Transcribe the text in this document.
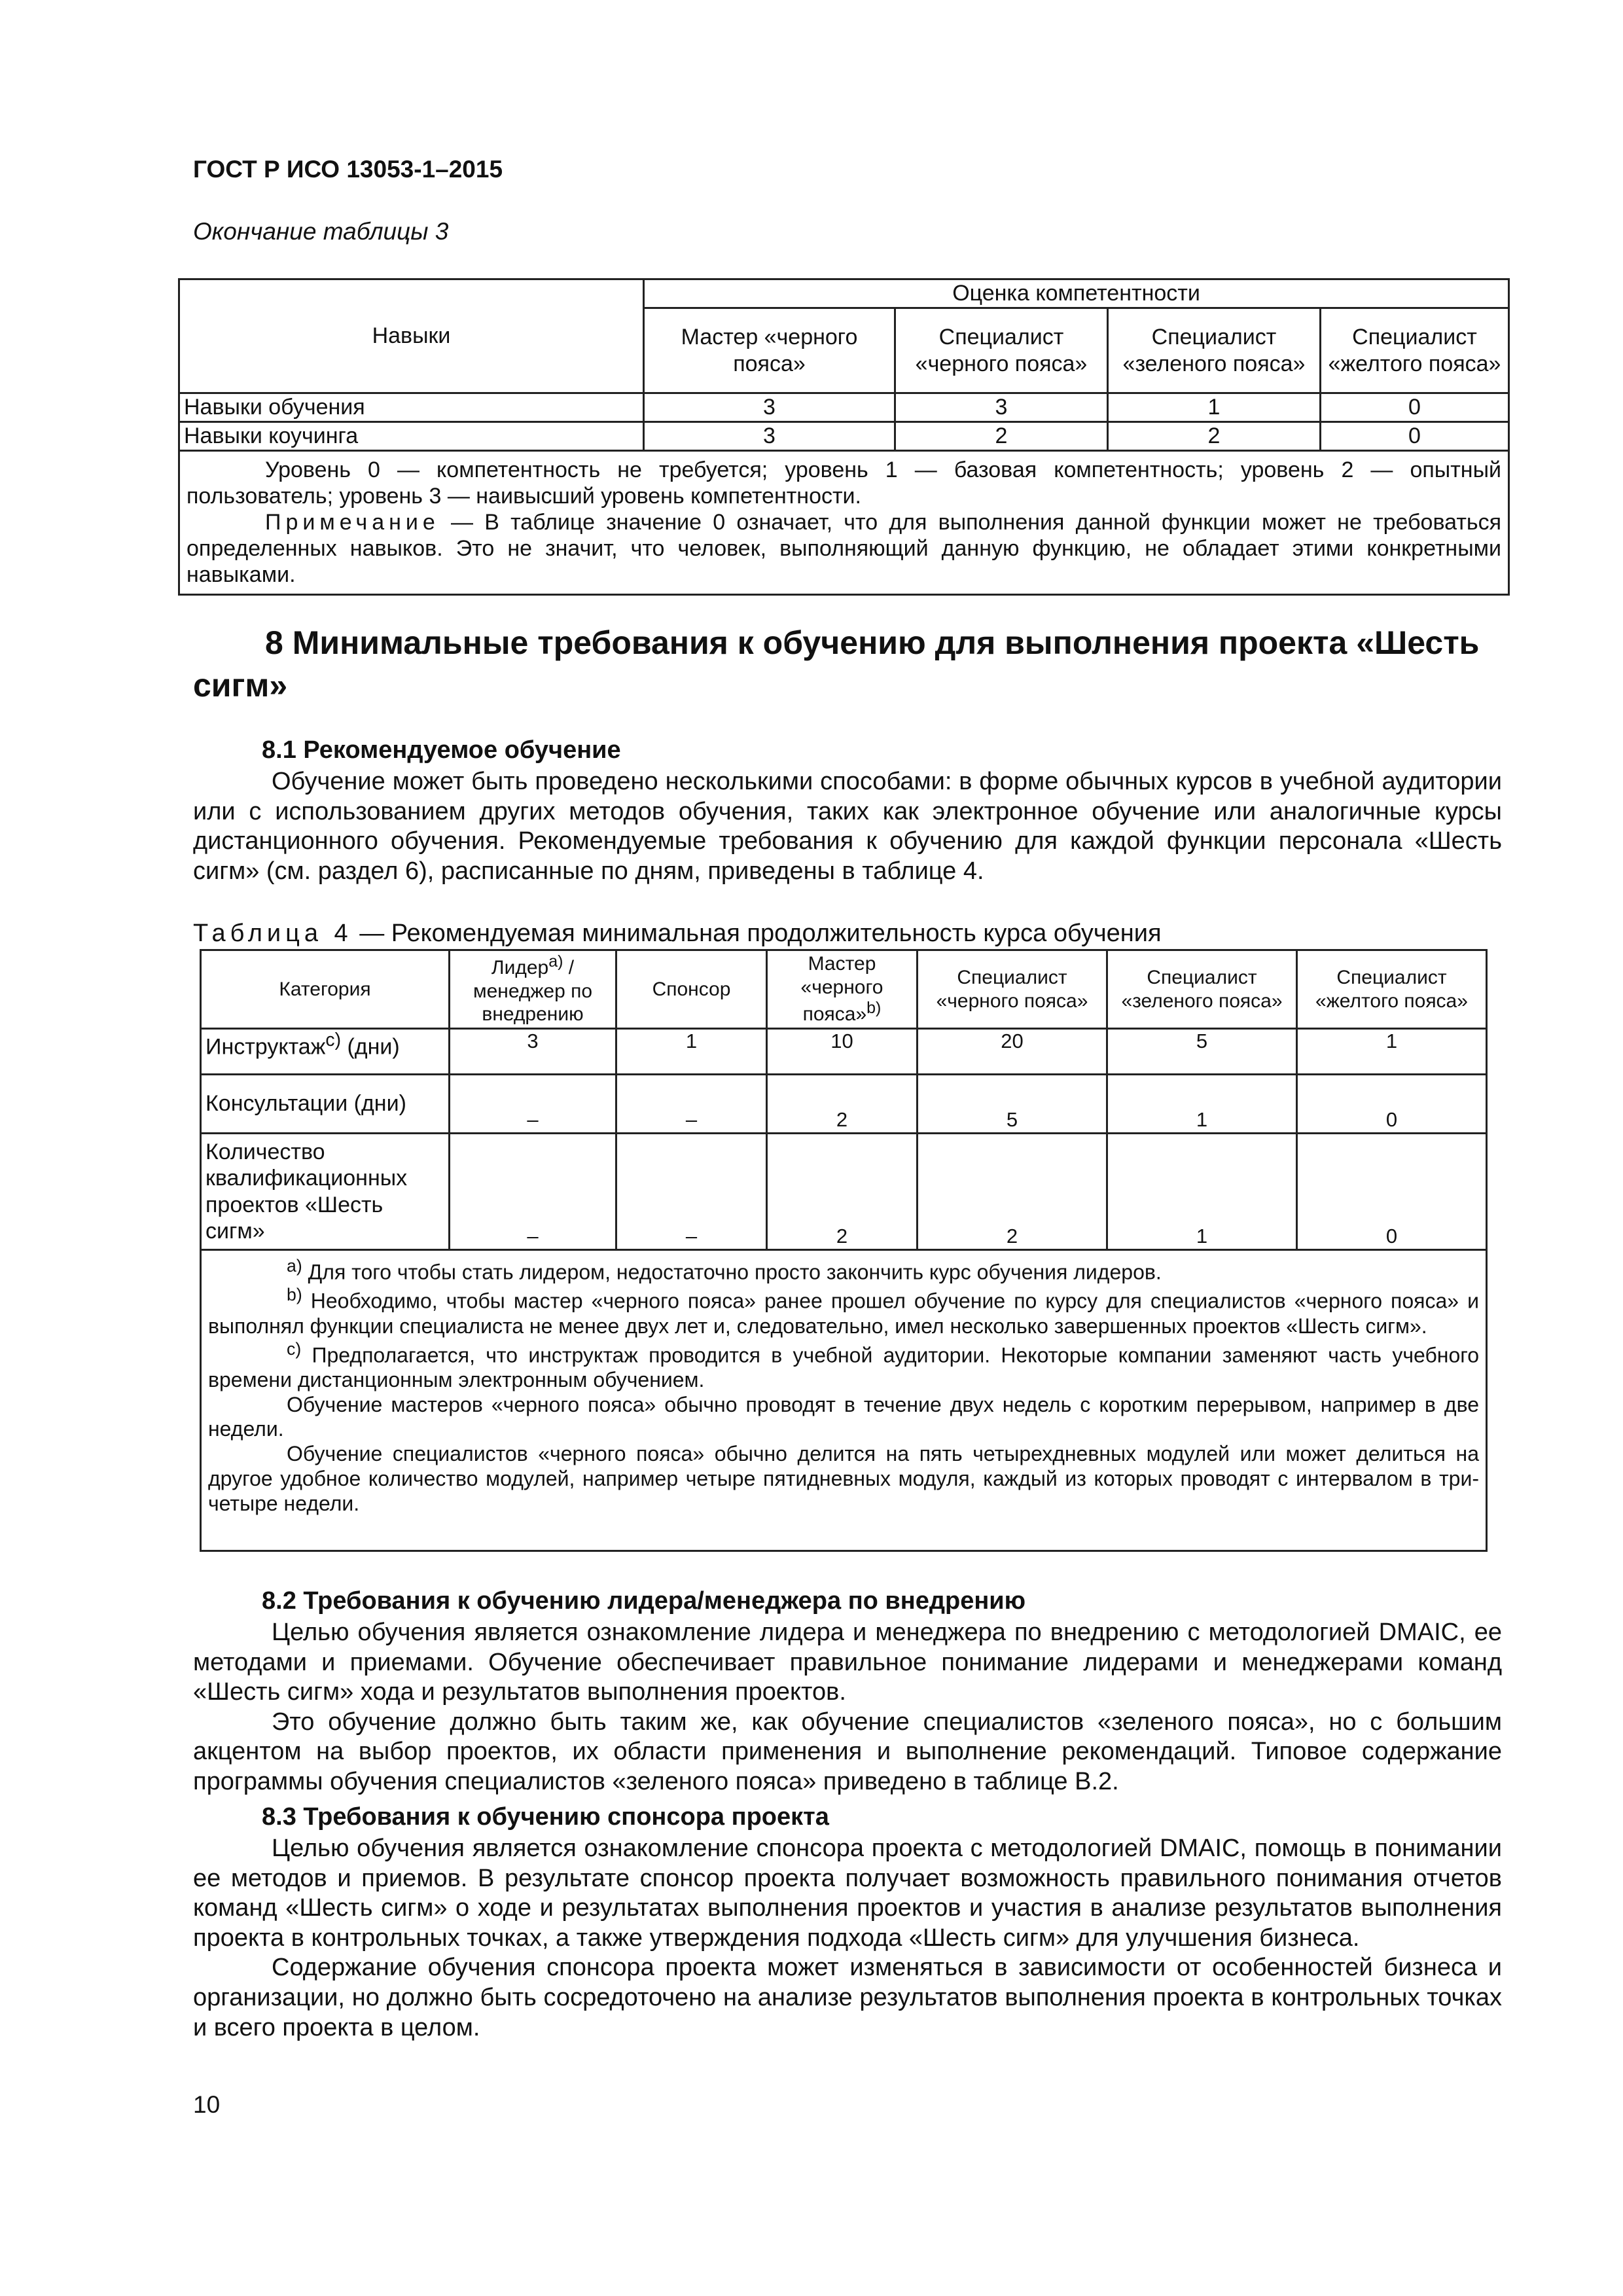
ГОСТ Р ИСО 13053-1–2015
Окончание таблицы 3
Навыки	Оценка компетентности			
	Мастер «черного пояса»	Специалист «черного пояса»	Специалист «зеленого пояса»	Специалист «желтого пояса»
Навыки обучения	3	3	1	0
Навыки коучинга	3	2	2	0

Уровень 0 — компетентность не требуется; уровень 1 — базовая компетентность; уровень 2 — опытный пользователь; уровень 3 — наивысший уровень компетентности.

Примечание — В таблице значение 0 означает, что для выполнения данной функции может не требоваться определенных навыков. Это не значит, что человек, выполняющий данную функцию, не обладает этими конкретными навыками.				

8 Минимальные требования к обучению для выполнения проекта «Шесть сигм»
8.1 Рекомендуемое обучение

Обучение может быть проведено несколькими способами: в форме обычных курсов в учебной аудитории или с использованием других методов обучения, таких как электронное обучение или аналогичные курсы дистанционного обучения. Рекомендуемые требования к обучению для каждой функции персонала «Шесть сигм» (см. раздел 6), расписанные по дням, приведены в таблице 4.

Таблица 4 — Рекомендуемая минимальная продолжительность курса обучения
Категория	Лидер$^{a)}$ / менеджер по внедрению	Спонсор	Мастер «черного пояса»$^{b)}$	Специалист «черного пояса»	Специалист «зеленого пояса»	Специалист «желтого пояса»
Инструктаж$^{c)}$ (дни)	3	1	10	20	5	1
Консультации (дни)	–	–	2	5	1	0
Количество квалификационных проектов «Шесть сигм»	–	–	2	2	1	0

$^{a)}$ Для того чтобы стать лидером, недостаточно просто закончить курс обучения лидеров.

$^{b)}$ Необходимо, чтобы мастер «черного пояса» ранее прошел обучение по курсу для специалистов «черного пояса» и выполнял функции специалиста не менее двух лет и, следовательно, имел несколько завершенных проектов «Шесть сигм».

$^{c)}$ Предполагается, что инструктаж проводится в учебной аудитории. Некоторые компании заменяют часть учебного времени дистанционным электронным обучением.

Обучение мастеров «черного пояса» обычно проводят в течение двух недель с коротким перерывом, например в две недели.

Обучение специалистов «черного пояса» обычно делится на пять четырехдневных модулей или может делиться на другое удобное количество модулей, например четыре пятидневных модуля, каждый из которых проводят с интервалом в три-четыре недели.						

8.2 Требования к обучению лидера/менеджера по внедрению

Целью обучения является ознакомление лидера и менеджера по внедрению с методологией DMAIC, ее методами и приемами. Обучение обеспечивает правильное понимание лидерами и менеджерами команд «Шесть сигм» хода и результатов выполнения проектов.

Это обучение должно быть таким же, как обучение специалистов «зеленого пояса», но с большим акцентом на выбор проектов, их области применения и выполнение рекомендаций. Типовое содержание программы обучения специалистов «зеленого пояса» приведено в таблице В.2.

8.3 Требования к обучению спонсора проекта

Целью обучения является ознакомление спонсора проекта с методологией DMAIC, помощь в понимании ее методов и приемов. В результате спонсор проекта получает возможность правильного понимания отчетов команд «Шесть сигм» о ходе и результатах выполнения проектов и участия в анализе результатов выполнения проекта в контрольных точках, а также утверждения подхода «Шесть сигм» для улучшения бизнеса.

Содержание обучения спонсора проекта может изменяться в зависимости от особенностей бизнеса и организации, но должно быть сосредоточено на анализе результатов выполнения проекта в контрольных точках и всего проекта в целом.

10
